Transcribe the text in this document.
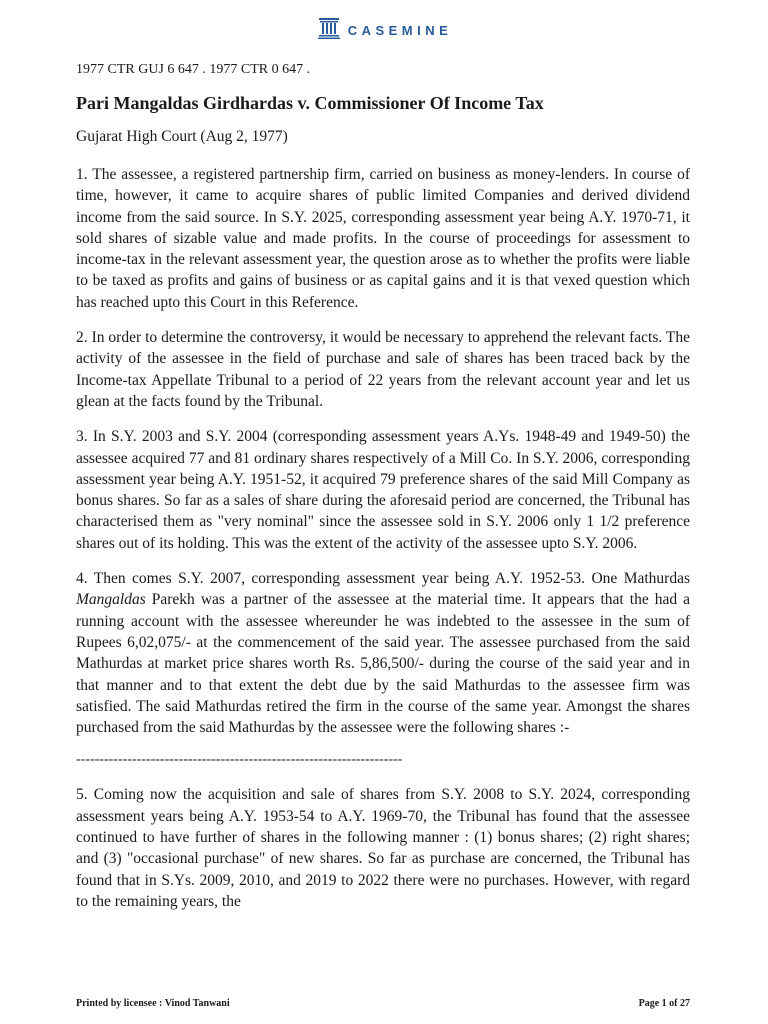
CASEMINE

1977 CTR GUJ 6 647 . 1977 CTR 0 647 .

Pari Mangaldas Girdhardas v. Commissioner Of Income Tax

Gujarat High Court (Aug 2, 1977)

1. The assessee, a registered partnership firm, carried on business as money-lenders. In course of time, however, it came to acquire shares of public limited Companies and derived dividend income from the said source. In S.Y. 2025, corresponding assessment year being A.Y. 1970-71, it sold shares of sizable value and made profits. In the course of proceedings for assessment to income-tax in the relevant assessment year, the question arose as to whether the profits were liable to be taxed as profits and gains of business or as capital gains and it is that vexed question which has reached upto this Court in this Reference.

2. In order to determine the controversy, it would be necessary to apprehend the relevant facts. The activity of the assessee in the field of purchase and sale of shares has been traced back by the Income-tax Appellate Tribunal to a period of 22 years from the relevant account year and let us glean at the facts found by the Tribunal.

3. In S.Y. 2003 and S.Y. 2004 (corresponding assessment years A.Ys. 1948-49 and 1949-50) the assessee acquired 77 and 81 ordinary shares respectively of a Mill Co. In S.Y. 2006, corresponding assessment year being A.Y. 1951-52, it acquired 79 preference shares of the said Mill Company as bonus shares. So far as a sales of share during the aforesaid period are concerned, the Tribunal has characterised them as "very nominal" since the assessee sold in S.Y. 2006 only 1 1/2 preference shares out of its holding. This was the extent of the activity of the assessee upto S.Y. 2006.

4. Then comes S.Y. 2007, corresponding assessment year being A.Y. 1952-53. One Mathurdas Mangaldas Parekh was a partner of the assessee at the material time. It appears that the had a running account with the assessee whereunder he was indebted to the assessee in the sum of Rupees 6,02,075/- at the commencement of the said year. The assessee purchased from the said Mathurdas at market price shares worth Rs. 5,86,500/- during the course of the said year and in that manner and to that extent the debt due by the said Mathurdas to the assessee firm was satisfied. The said Mathurdas retired the firm in the course of the same year. Amongst the shares purchased from the said Mathurdas by the assessee were the following shares :-

----------------------------------------------------------------------

5. Coming now the acquisition and sale of shares from S.Y. 2008 to S.Y. 2024, corresponding assessment years being A.Y. 1953-54 to A.Y. 1969-70, the Tribunal has found that the assessee continued to have further of shares in the following manner : (1) bonus shares; (2) right shares; and (3) "occasional purchase" of new shares. So far as purchase are concerned, the Tribunal has found that in S.Ys. 2009, 2010, and 2019 to 2022 there were no purchases. However, with regard to the remaining years, the

Printed by licensee : Vinod Tanwani	Page 1 of 27
